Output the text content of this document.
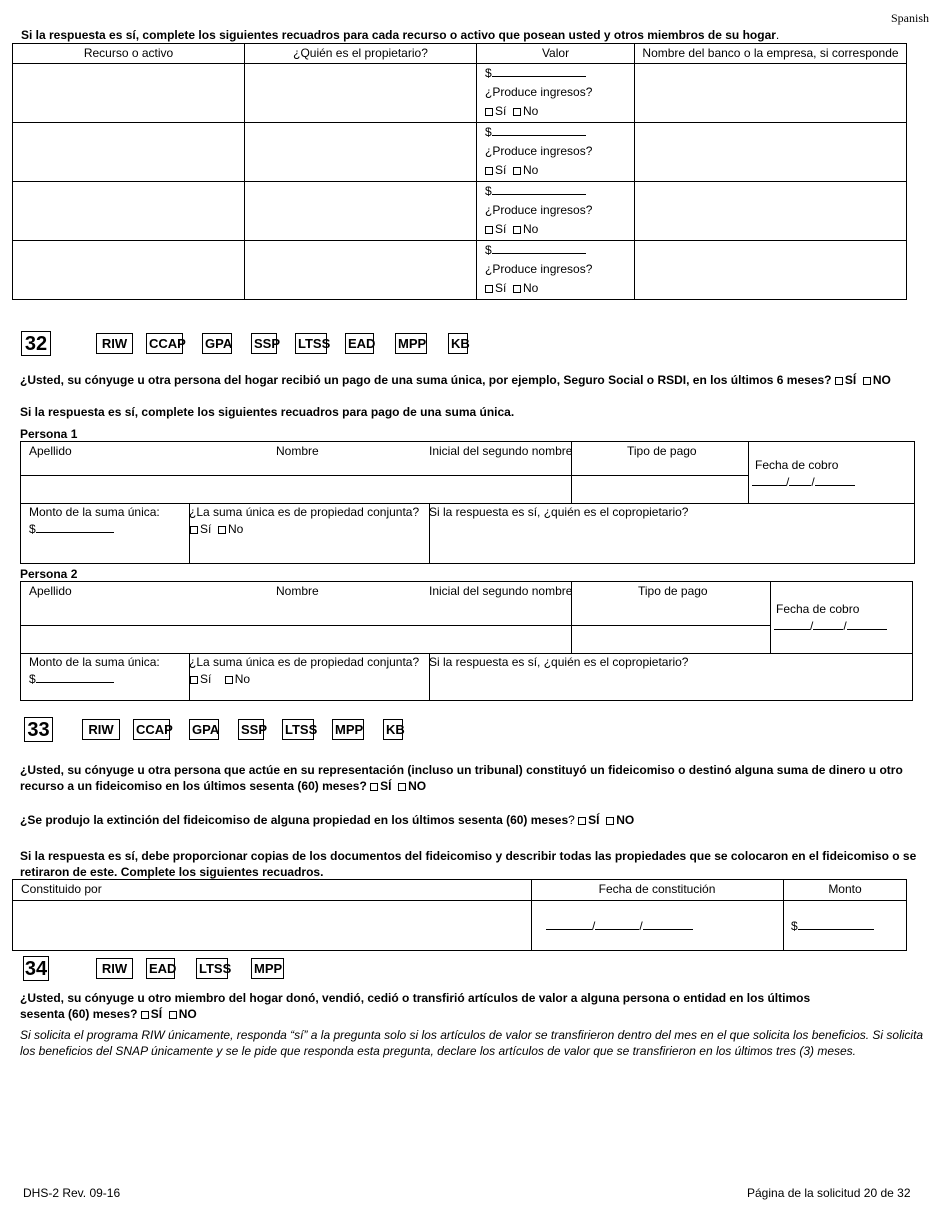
Spanish
Si la respuesta es sí, complete los siguientes recuadros para cada recurso o activo que posean usted y otros miembros de su hogar.
Recurso o activo	¿Quién es el propietario?	Valor	Nombre del banco o la empresa, si corresponde

		$
¿Produce ingresos?
Sí No	

		$
¿Produce ingresos?
Sí No	

		$
¿Produce ingresos?
Sí No	

		$
¿Produce ingresos?
Sí No	

32	RIW	CCAP GPA SSP LTSS EAD MPP KB
¿Usted, su cónyuge u otra persona del hogar recibió un pago de una suma única, por ejemplo, Seguro Social o RSDI, en los últimos 6 meses? SÍ NO
Si la respuesta es sí, complete los siguientes recuadros para pago de una suma única.
Persona 1
Apellido	Nombre	Inicial del segundo nombre	Tipo de pago
Fecha de cobro
/ /
Monto de la suma única:
$
¿La suma única es de propiedad conjunta?
Sí No
Si la respuesta es sí, ¿quién es el copropietario?
Persona 2
Apellido	Nombre	Inicial del segundo nombre	Tipo de pago
Fecha de cobro
/	/
Monto de la suma única:
$
¿La suma única es de propiedad conjunta?
Sí No
Si la respuesta es sí, ¿quién es el copropietario?
33	RIW	CCAP GPA SSP LTSS MPP KB
¿Usted, su cónyuge u otra persona que actúe en su representación (incluso un tribunal) constituyó un fideicomiso o destinó alguna suma de dinero u otro recurso a un fideicomiso en los últimos sesenta (60) meses? SÍ NO
¿Se produjo la extinción del fideicomiso de alguna propiedad en los últimos sesenta (60) meses? SÍ NO
Si la respuesta es sí, debe proporcionar copias de los documentos del fideicomiso y describir todas las propiedades que se colocaron en el fideicomiso o se retiraron de este. Complete los siguientes recuadros.
Constituido por	Fecha de constitución	Monto
/	/	$
34	RIW	EAD LTSS MPP
¿Usted, su cónyuge u otro miembro del hogar donó, vendió, cedió o transfirió artículos de valor a alguna persona o entidad en los últimos
sesenta (60) meses? SÍ NO
Si solicita el programa RIW únicamente, responda “sí” a la pregunta solo si los artículos de valor se transfirieron dentro del mes en el que solicita los beneficios. Si solicita los beneficios del SNAP únicamente y se le pide que responda esta pregunta, declare los artículos de valor que se transfirieron en los últimos tres (3) meses.
DHS-2 Rev. 09-16	Página de la solicitud 20 de 32
